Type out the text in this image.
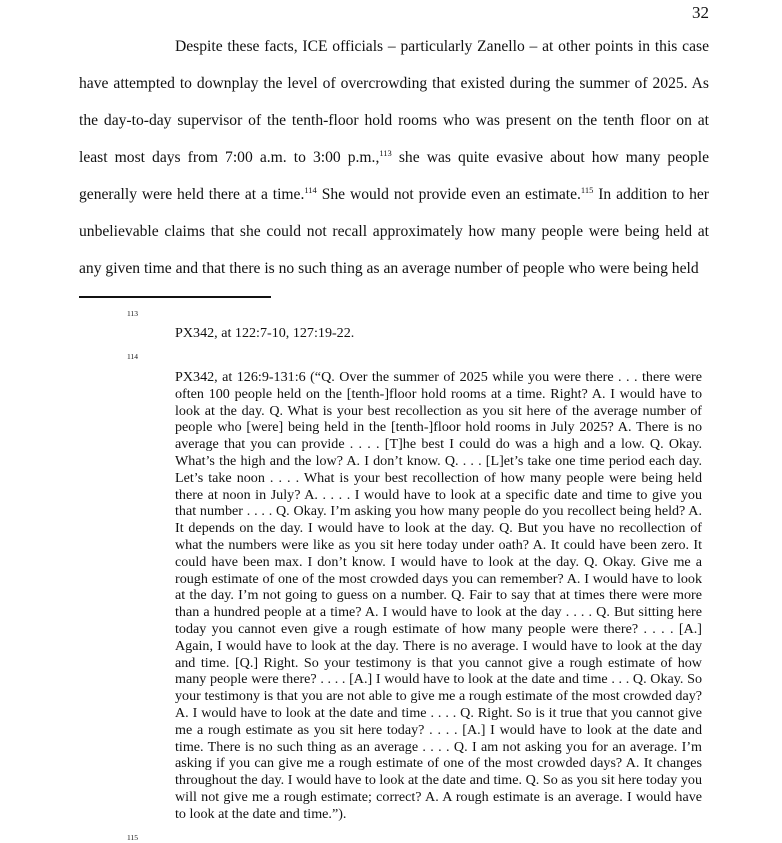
32

Despite these facts, ICE officials – particularly Zanello – at other points in this case have attempted to downplay the level of overcrowding that existed during the summer of 2025. As the day-to-day supervisor of the tenth-floor hold rooms who was present on the tenth floor on at least most days from 7:00 a.m. to 3:00 p.m.,$^{113}$ she was quite evasive about how many people generally were held there at a time.$^{114}$ She would not provide even an estimate.$^{115}$ In addition to her unbelievable claims that she could not recall approximately how many people were being held at any given time and that there is no such thing as an average number of people who were being held

113

PX342, at 122:7-10, 127:19-22.

114

PX342, at 126:9-131:6 (“Q. Over the summer of 2025 while you were there . . . there were often 100 people held on the [tenth-]floor hold rooms at a time. Right? A. I would have to look at the day. Q. What is your best recollection as you sit here of the average number of people who [were] being held in the [tenth-]floor hold rooms in July 2025? A. There is no average that you can provide . . . . [T]he best I could do was a high and a low. Q. Okay. What’s the high and the low? A. I don’t know. Q. . . . [L]et’s take one time period each day. Let’s take noon . . . . What is your best recollection of how many people were being held there at noon in July? A. . . . . I would have to look at a specific date and time to give you that number . . . . Q. Okay. I’m asking you how many people do you recollect being held? A. It depends on the day. I would have to look at the day. Q. But you have no recollection of what the numbers were like as you sit here today under oath? A. It could have been zero. It could have been max. I don’t know. I would have to look at the day. Q. Okay. Give me a rough estimate of one of the most crowded days you can remember? A. I would have to look at the day. I’m not going to guess on a number. Q. Fair to say that at times there were more than a hundred people at a time? A. I would have to look at the day . . . . Q. But sitting here today you cannot even give a rough estimate of how many people were there? . . . . [A.] Again, I would have to look at the day. There is no average. I would have to look at the day and time. [Q.] Right. So your testimony is that you cannot give a rough estimate of how many people were there? . . . . [A.] I would have to look at the date and time . . . Q. Okay. So your testimony is that you are not able to give me a rough estimate of the most crowded day? A. I would have to look at the date and time . . . . Q. Right. So is it true that you cannot give me a rough estimate as you sit here today? . . . . [A.] I would have to look at the date and time. There is no such thing as an average . . . . Q. I am not asking you for an average. I’m asking if you can give me a rough estimate of one of the most crowded days? A. It changes throughout the day. I would have to look at the date and time. Q. So as you sit here today you will not give me a rough estimate; correct? A. A rough estimate is an average. I would have to look at the date and time.”).

115
